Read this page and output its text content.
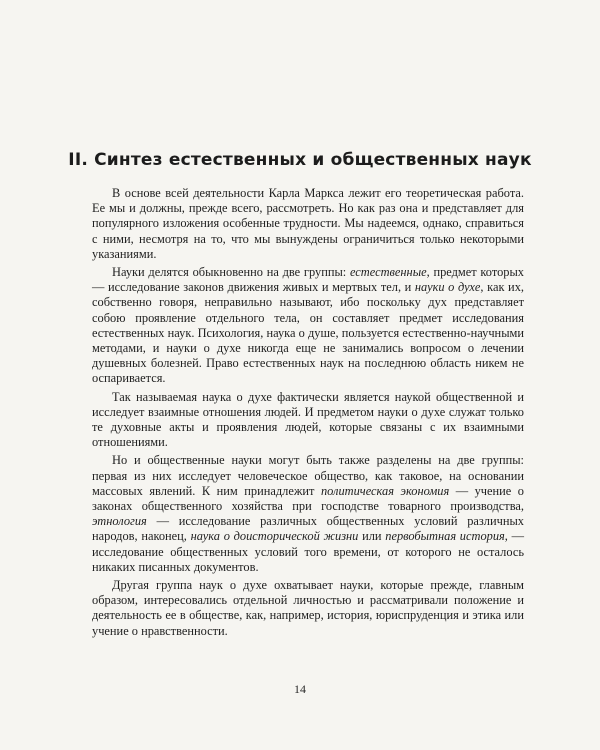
II. Синтез естественных и общественных наук

В основе всей деятельности Карла Маркса лежит его теоретическая работа. Ее мы и должны, прежде всего, рассмотреть. Но как раз она и представляет для популярного изложения особенные трудности. Мы надеемся, однако, справиться с ними, несмотря на то, что мы вынуждены ограничиться только некоторыми указаниями.

Науки делятся обыкновенно на две группы: естественные, предмет которых — исследование законов движения живых и мертвых тел, и науки о духе, как их, собственно говоря, неправильно называют, ибо поскольку дух представляет собою проявление отдельного тела, он составляет предмет исследования естественных наук. Психология, наука о душе, пользуется естественно-научными методами, и науки о духе никогда еще не занимались вопросом о лечении душевных болезней. Право естественных наук на последнюю область никем не оспаривается.

Так называемая наука о духе фактически является наукой общественной и исследует взаимные отношения людей. И предметом науки о духе служат только те духовные акты и проявления людей, которые связаны с их взаимными отношениями.

Но и общественные науки могут быть также разделены на две группы: первая из них исследует человеческое общество, как таковое, на основании массовых явлений. К ним принадлежит политическая экономия — учение о законах общественного хозяйства при господстве товарного производства, этнология — исследование различных общественных условий различных народов, наконец, наука о доисторической жизни или первобытная история, — исследование общественных условий того времени, от которого не осталось никаких писанных документов.

Другая группа наук о духе охватывает науки, которые прежде, главным образом, интересовались отдельной личностью и рассматривали положение и деятельность ее в обществе, как, например, история, юриспруденция и этика или учение о нравственности.

14
